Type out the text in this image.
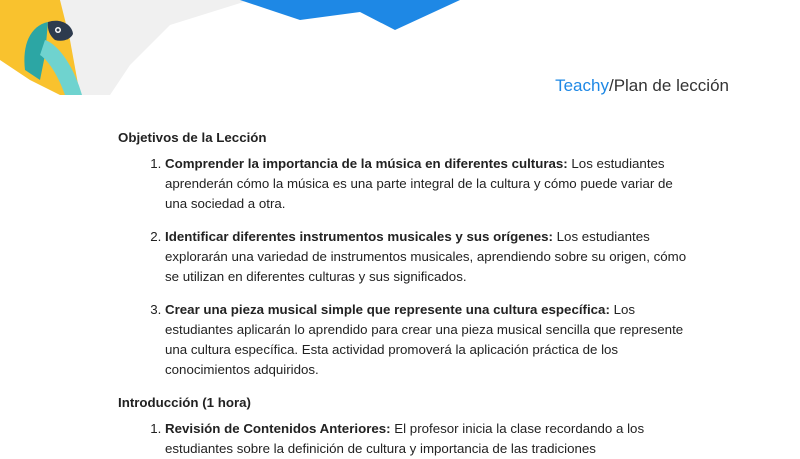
Teachy/Plan de lección
Objetivos de la Lección
1. Comprender la importancia de la música en diferentes culturas: Los estudiantes aprenderán cómo la música es una parte integral de la cultura y cómo puede variar de una sociedad a otra.
2. Identificar diferentes instrumentos musicales y sus orígenes: Los estudiantes explorarán una variedad de instrumentos musicales, aprendiendo sobre su origen, cómo se utilizan en diferentes culturas y sus significados.
3. Crear una pieza musical simple que represente una cultura específica: Los estudiantes aplicarán lo aprendido para crear una pieza musical sencilla que represente una cultura específica. Esta actividad promoverá la aplicación práctica de los conocimientos adquiridos.
Introducción (1 hora)
1. Revisión de Contenidos Anteriores: El profesor inicia la clase recordando a los estudiantes sobre la definición de cultura y importancia de las tradiciones
